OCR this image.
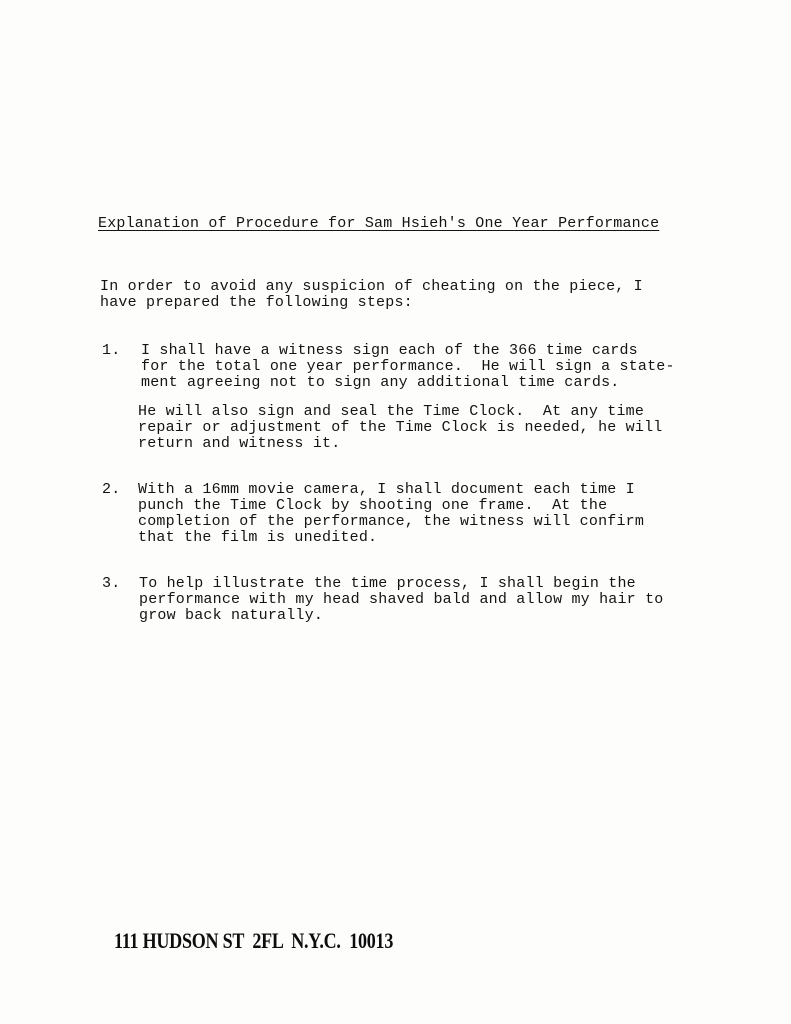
Explanation of Procedure for Sam Hsieh's One Year Performance
In order to avoid any suspicion of cheating on the piece, I
have prepared the following steps:
1. I shall have a witness sign each of the 366 time cards
for the total one year performance.  He will sign a state-
ment agreeing not to sign any additional time cards.
He will also sign and seal the Time Clock.  At any time
repair or adjustment of the Time Clock is needed, he will
return and witness it.
2. With a 16mm movie camera, I shall document each time I
punch the Time Clock by shooting one frame.  At the
completion of the performance, the witness will confirm
that the film is unedited.
3. To help illustrate the time process, I shall begin the
performance with my head shaved bald and allow my hair to
grow back naturally.
111 HUDSON ST  2FL  N.Y.C.  10013
